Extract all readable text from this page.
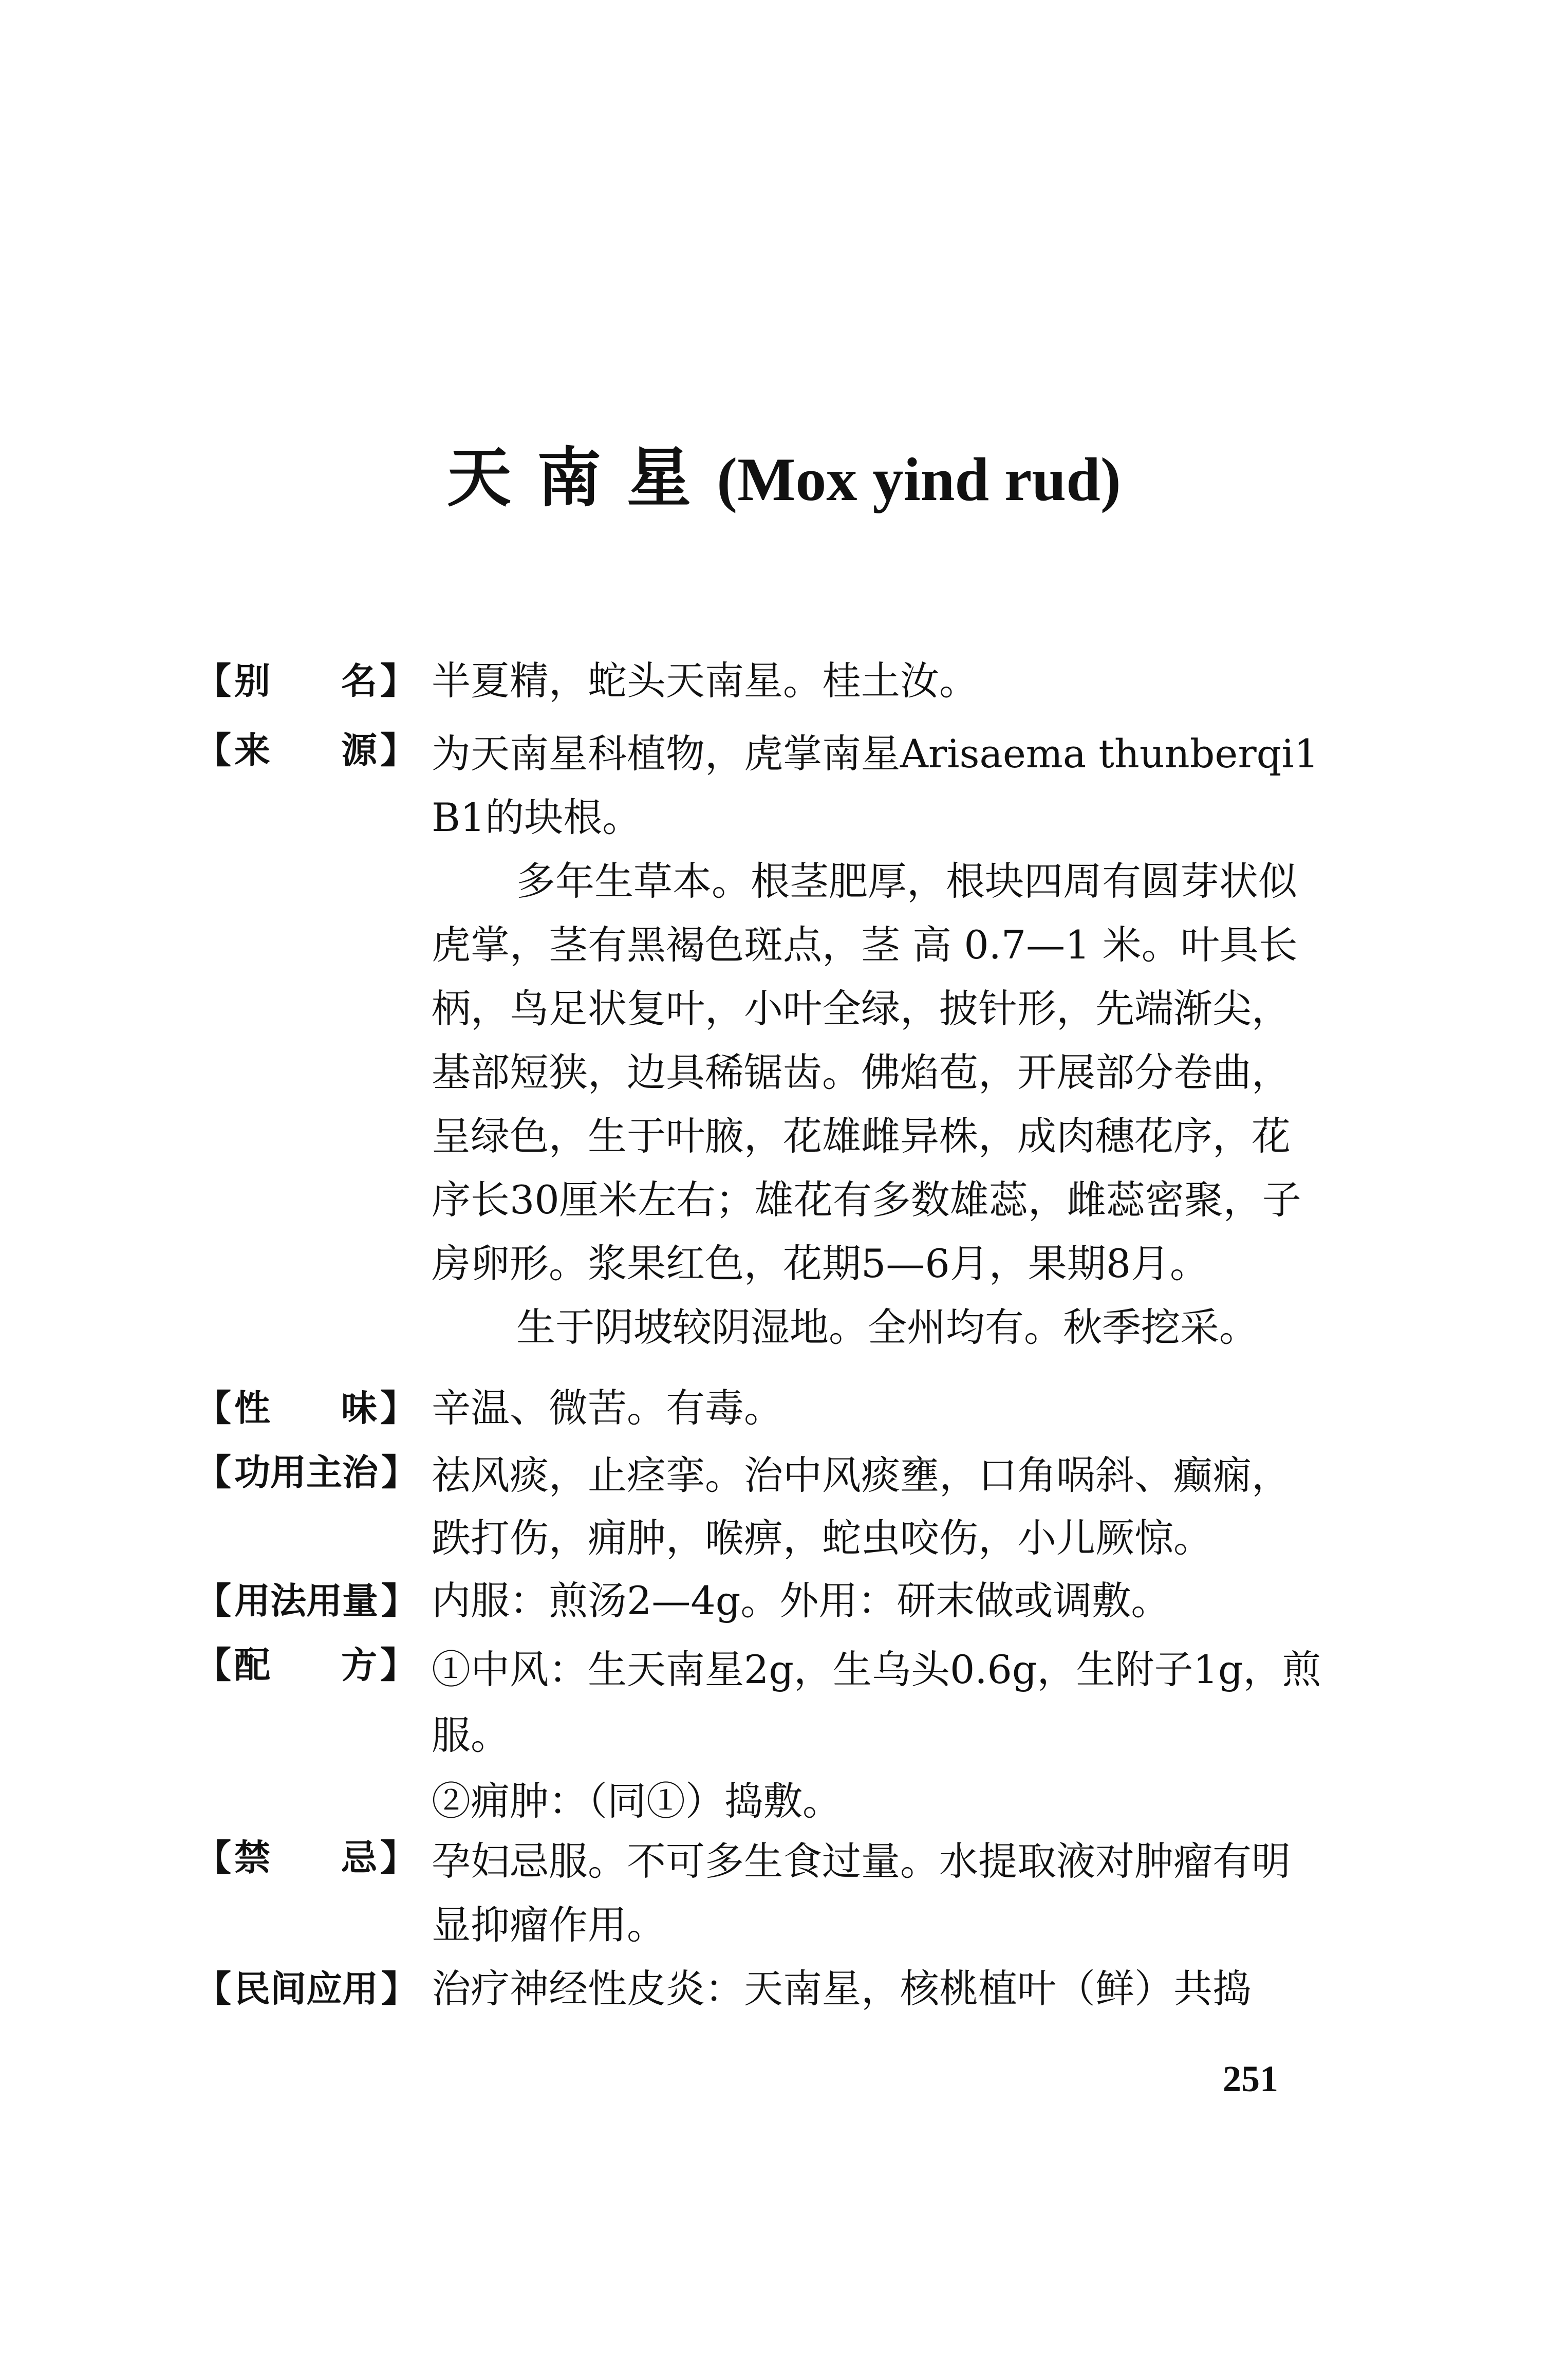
天南星(Mox yind rud)
【 别 名 】 半夏精，蛇头天南星。桂土汝。
【 来 源 】 为天南星科植物，虎掌南星Arisaema thunberqi1
B1的块根。
多年生草本。根茎肥厚，根块四周有圆芽状似
虎掌，茎有黑褐色斑点，茎 高 0.7—1 米。叶具长
柄，鸟足状复叶，小叶全绿，披针形，先端渐尖，
基部短狭，边具稀锯齿。佛焰苞，开展部分卷曲，
呈绿色，生于叶腋，花雄雌异株，成肉穗花序，花
序长30厘米左右；雄花有多数雄蕊，雌蕊密聚，子
房卵形。浆果红色，花期5—6月，果期8月。
生于阴坡较阴湿地。全州均有。秋季挖采。
【 性 味 】 辛温、微苦。有毒。
【 功 用 主 治 】 祛风痰，止痉挛。治中风痰壅，口角㖞斜、癫痫，
跌打伤，痈肿，喉痹，蛇虫咬伤，小儿厥惊。
【 用 法 用 量 】 内服：煎汤2—4g。外用：研末做或调敷。
【 配 方 】 ①中风：生天南星2g，生乌头0.6g，生附子1g，煎
服。
②痈肿：（同①）捣敷。
【 禁 忌 】 孕妇忌服。不可多生食过量。水提取液对肿瘤有明
显抑瘤作用。
【 民 间 应 用 】 治疗神经性皮炎：天南星，核桃植叶（鲜）共捣
251
